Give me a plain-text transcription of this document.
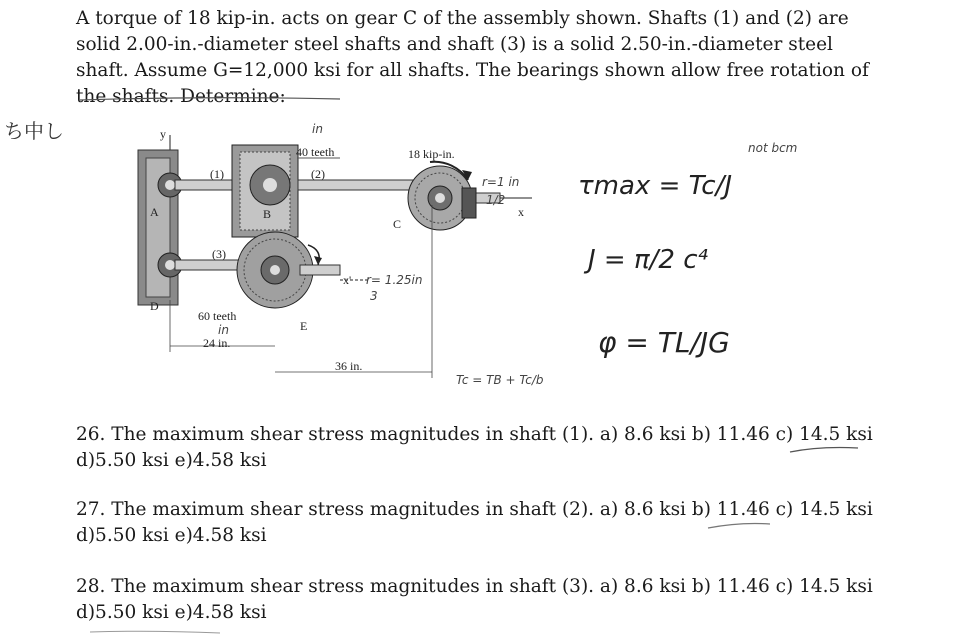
A torque of 18 kip-in. acts on gear C of the assembly shown. Shafts (1) and (2) are solid 2.00-in.-diameter steel shafts and shaft (3) is a solid 2.50-in.-diameter steel shaft. Assume G=12,000 ksi for all shafts. The bearings shown allow free rotation of the shafts. Determine:

ち中し	y
A
D
(1)
B
40 teeth
(2)
C
18 kip-in.
x
(3)
E
x'
60 teeth
24 in.
36 in.
in
in
r=1 in
1/2
r= 1.25in
3
Tc = TB + Tc/b
τmax = Tc/J
not bcm
J = π/2 c⁴
φ = TL/JG

26. The maximum shear stress magnitudes in shaft (1). a) 8.6 ksi b) 11.46 c) 14.5 ksi d)5.50 ksi e)4.58 ksi

27. The maximum shear stress magnitudes in shaft (2). a) 8.6 ksi b) 11.46 c) 14.5 ksi d)5.50 ksi e)4.58 ksi

28. The maximum shear stress magnitudes in shaft (3). a) 8.6 ksi b) 11.46 c) 14.5 ksi d)5.50 ksi e)4.58 ksi
